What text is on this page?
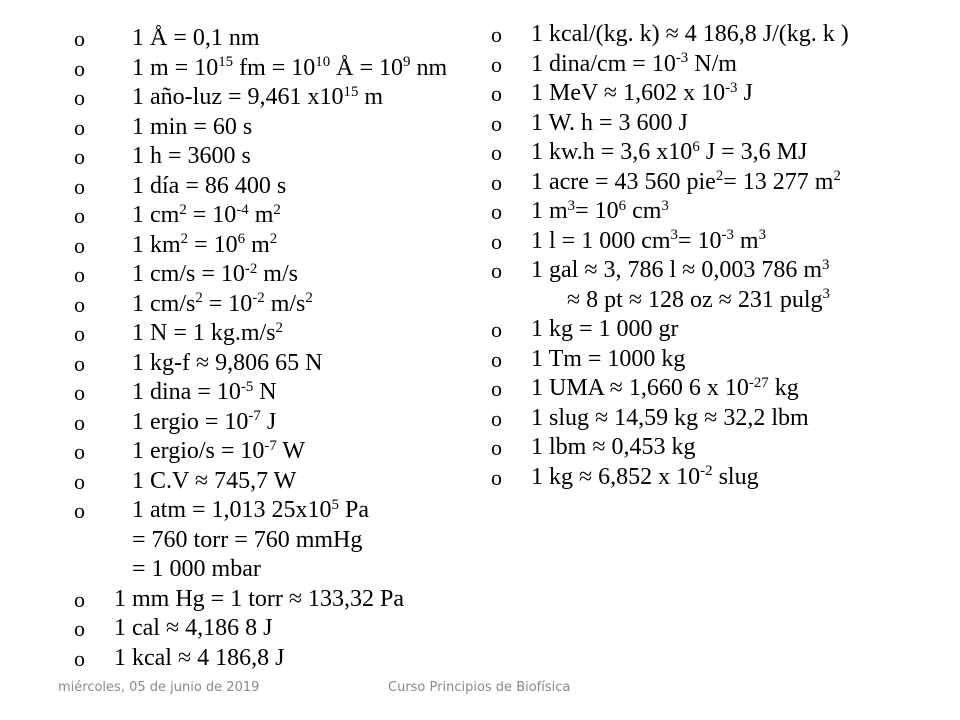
o 1 Å = 0,1 nm
o 1 $m = 10^{15}$ fm = $10^{10}$ Å = $10^9$ nm
o 1 año-luz = 9,461 $x10^{15}$ m
o 1 min = 60 s
o 1 h = 3600 s
o 1 día = 86 400 s
o 1 $cm^2 = 10^{-4}$ $m^2$
o 1 $km^2 = 10^6$ $m^2$
o 1 $cm/s = 10^{-2}$ m/s
o 1 $cm/s^2 = 10^{-2}$ $m/s^2$
o 1 N = 1 $kg.m/s^2$
o 1 kg-f ≈ 9,806 65 N
o 1 dina = $10^{-5}$ N
o 1 ergio = $10^{-7}$ J
o 1 ergio/s = $10^{-7}$ W
o 1 C.V ≈ 745,7 W
o 1 atm = 1,013 $25x10^5$ Pa
= 760 torr = 760 mmHg
= 1 000 mbar
o 1 mm Hg = 1 torr ≈ 133,32 Pa
o 1 cal ≈ 4,186 8 J
o 1 kcal ≈ 4 186,8 J
o 1 kcal/(kg. k) ≈ 4 186,8 J/(kg. k )
o 1 dina/cm = $10^{-3}$ N/m
o 1 MeV ≈ 1,602 x $10^{-3}$ J
o 1 W. h = 3 600 J
o 1 kw.h = 3,6 $x10^6$ J = 3,6 MJ
o 1 acre = 43 560 pie$^2$= 13 277 $m^2$
o 1 $m^3= 10^6$ $cm^3$
o 1 l = 1 000 $cm^3= 10^{-3}$ $m^3$
o 1 gal ≈ 3, 786 l ≈ 0,003 786 $m^3$
≈ 8 pt ≈ 128 oz ≈ 231 pulg$^3$
o 1 kg = 1 000 gr
o 1 Tm = 1000 kg
o 1 UMA ≈ 1,660 6 x $10^{-27}$ kg
o 1 slug ≈ 14,59 kg ≈ 32,2 lbm
o 1 lbm ≈ 0,453 kg
o 1 kg ≈ 6,852 x $10^{-2}$ slug
miércoles, 05 de junio de 2019	Curso Principios de Biofísica
